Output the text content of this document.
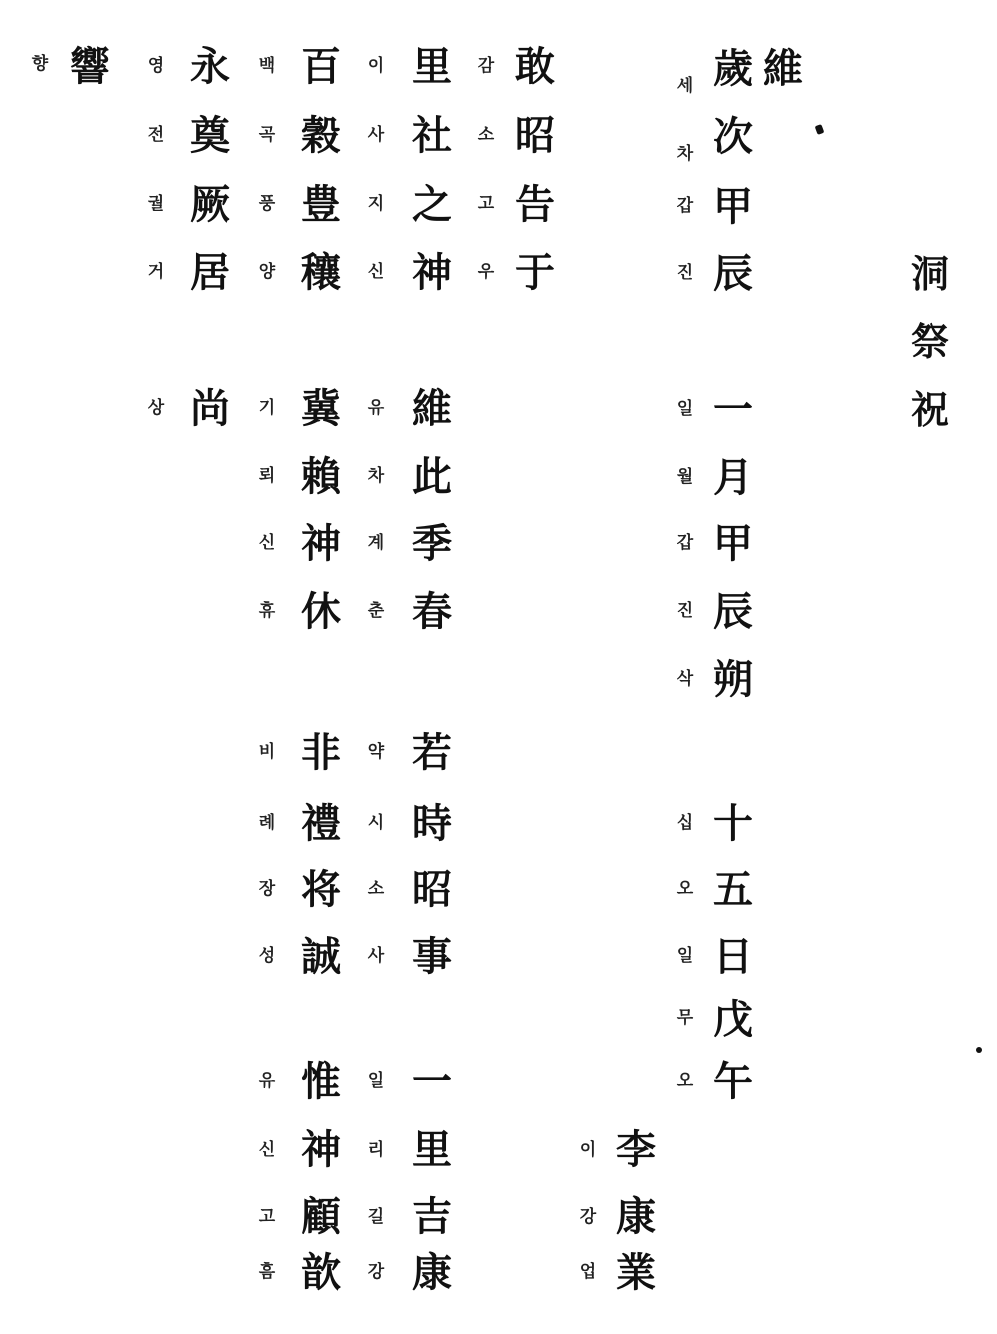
洞
祭
祝
維
歲
세
次
차
甲
갑
辰
진
一
일
月
월
甲
갑
辰
진
朔
삭
十
십
五
오
日
일
戊
무
午
오
李
이
康
강
業
업
敢
감
昭
소
告
고
于
우
里
이
社
사
之
지
神
신
維
유
此
차
季
계
春
춘
若
약
時
시
昭
소
事
사
一
일
里
리
吉
길
康
강
百
백
穀
곡
豊
풍
穰
양
冀
기
賴
뢰
神
신
休
휴
非
비
禮
례
将
장
誠
성
惟
유
神
신
顧
고
歆
흠
永
영
奠
전
厥
궐
居
거
尚
상
響
향
